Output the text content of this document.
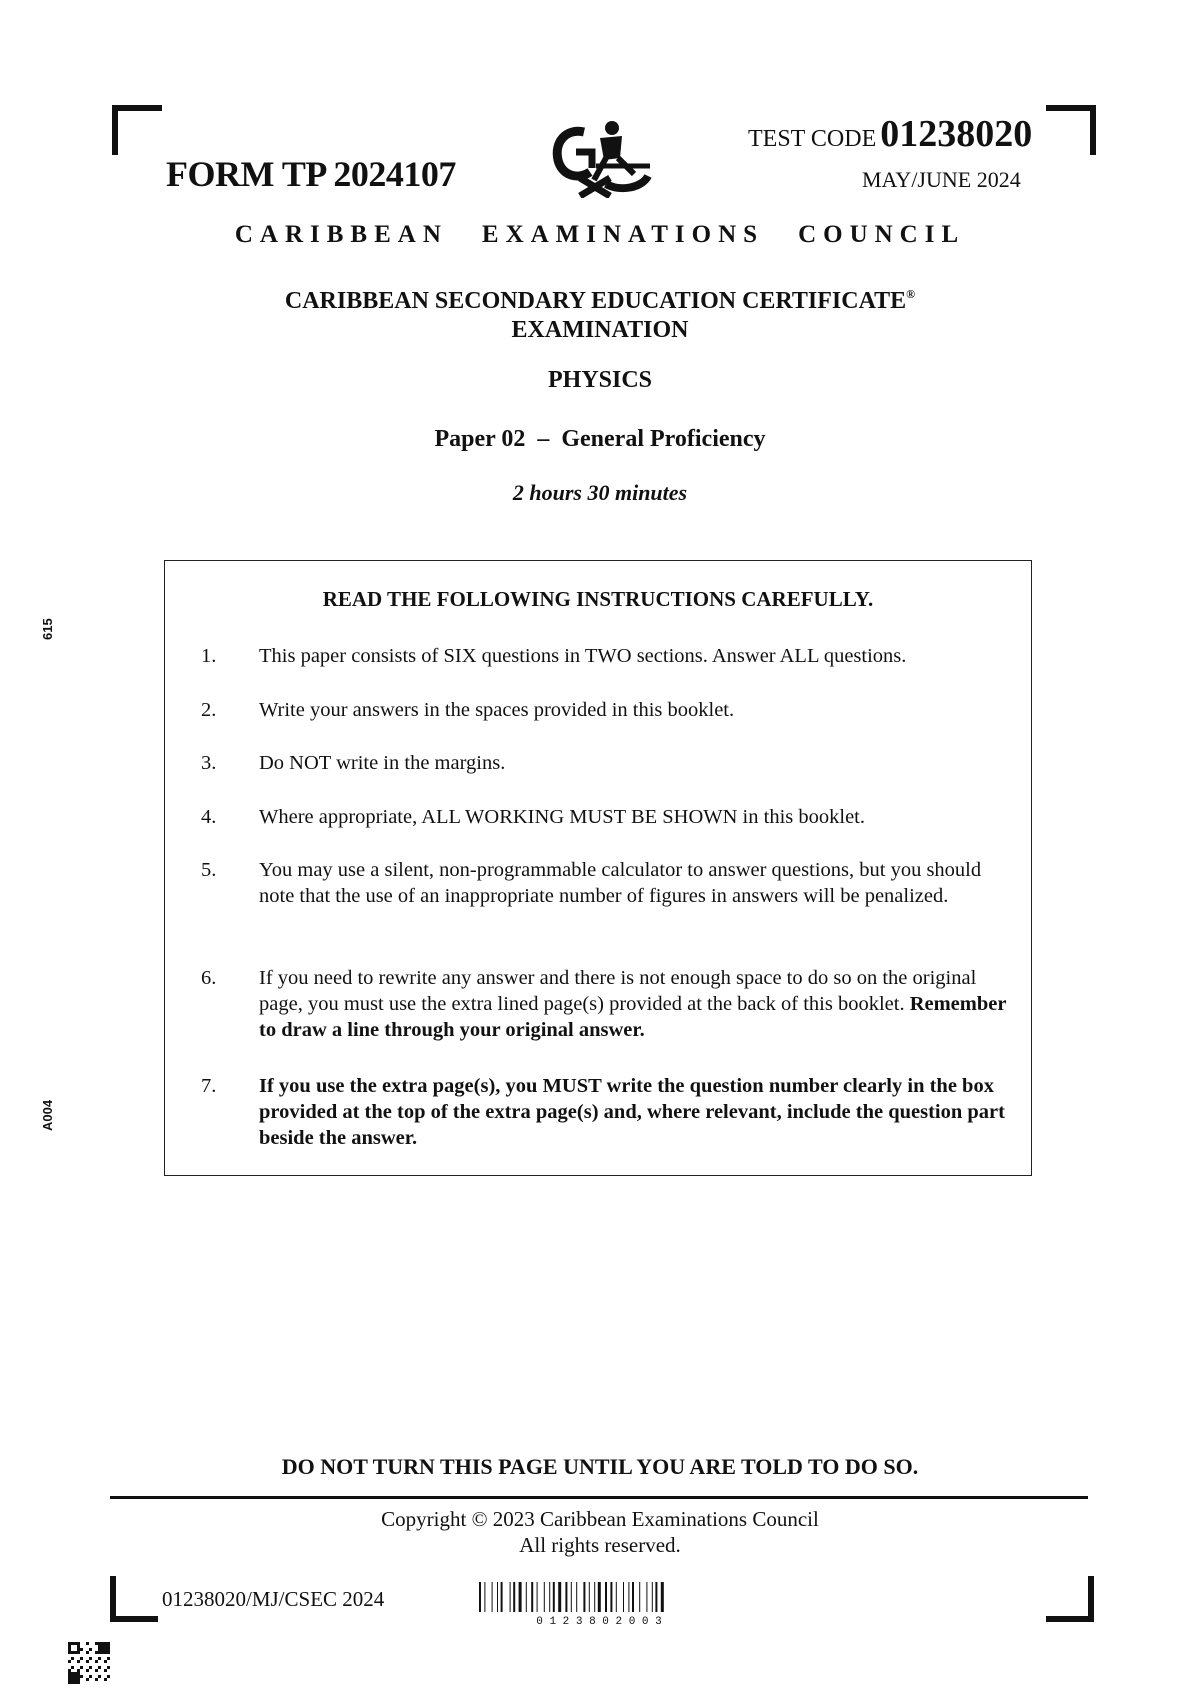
FORM TP 2024107
TEST CODE 01238020
MAY/JUNE 2024
CARIBBEAN EXAMINATIONS COUNCIL
CARIBBEAN SECONDARY EDUCATION CERTIFICATE®
EXAMINATION
PHYSICS
Paper 02  –  General Proficiency
2 hours 30 minutes
615
A004
READ THE FOLLOWING INSTRUCTIONS CAREFULLY.
1. This paper consists of SIX questions in TWO sections. Answer ALL questions.
2. Write your answers in the spaces provided in this booklet.
3. Do NOT write in the margins.
4. Where appropriate, ALL WORKING MUST BE SHOWN in this booklet.
5. You may use a silent, non-programmable calculator to answer questions, but you should note that the use of an inappropriate number of figures in answers will be penalized.
6. If you need to rewrite any answer and there is not enough space to do so on the original page, you must use the extra lined page(s) provided at the back of this booklet. Remember to draw a line through your original answer.
7. If you use the extra page(s), you MUST write the question number clearly in the box provided at the top of the extra page(s) and, where relevant, include the question part beside the answer.
DO NOT TURN THIS PAGE UNTIL YOU ARE TOLD TO DO SO.
Copyright © 2023 Caribbean Examinations Council
All rights reserved.
01238020/MJ/CSEC 2024
0 1 2 3 8 0 2 0 0 3
